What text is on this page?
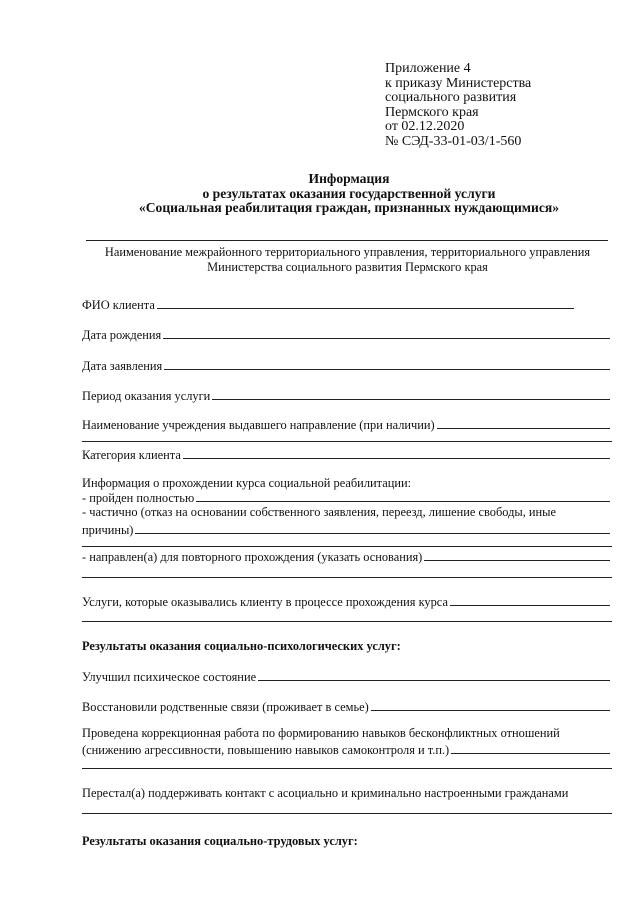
Приложение 4
к приказу Министерства
социального развития
Пермского края
от 02.12.2020
№ СЭД-33-01-03/1-560
Информация
о результатах оказания государственной услуги
«Социальная реабилитация граждан, признанных нуждающимися»
Наименование межрайонного территориального управления, территориального управления
Министерства социального развития Пермского края
ФИО клиента
Дата рождения
Дата заявления
Период оказания услуги
Наименование учреждения выдавшего направление (при наличии)
Категория клиента
Информация о прохождении курса социальной реабилитации:
- пройден полностью
- частично (отказ на основании собственного заявления, переезд, лишение свободы, иные
причины)
- направлен(а) для повторного прохождения (указать основания)
Услуги, которые оказывались клиенту в процессе прохождения курса
Результаты оказания социально-психологических услуг:
Улучшил психическое состояние
Восстановили родственные связи (проживает в семье)
Проведена коррекционная работа по формированию навыков бесконфликтных отношений
(снижению агрессивности, повышению навыков самоконтроля и т.п.)
Перестал(а) поддерживать контакт с асоциально и криминально настроенными гражданами
Результаты оказания социально-трудовых услуг:
